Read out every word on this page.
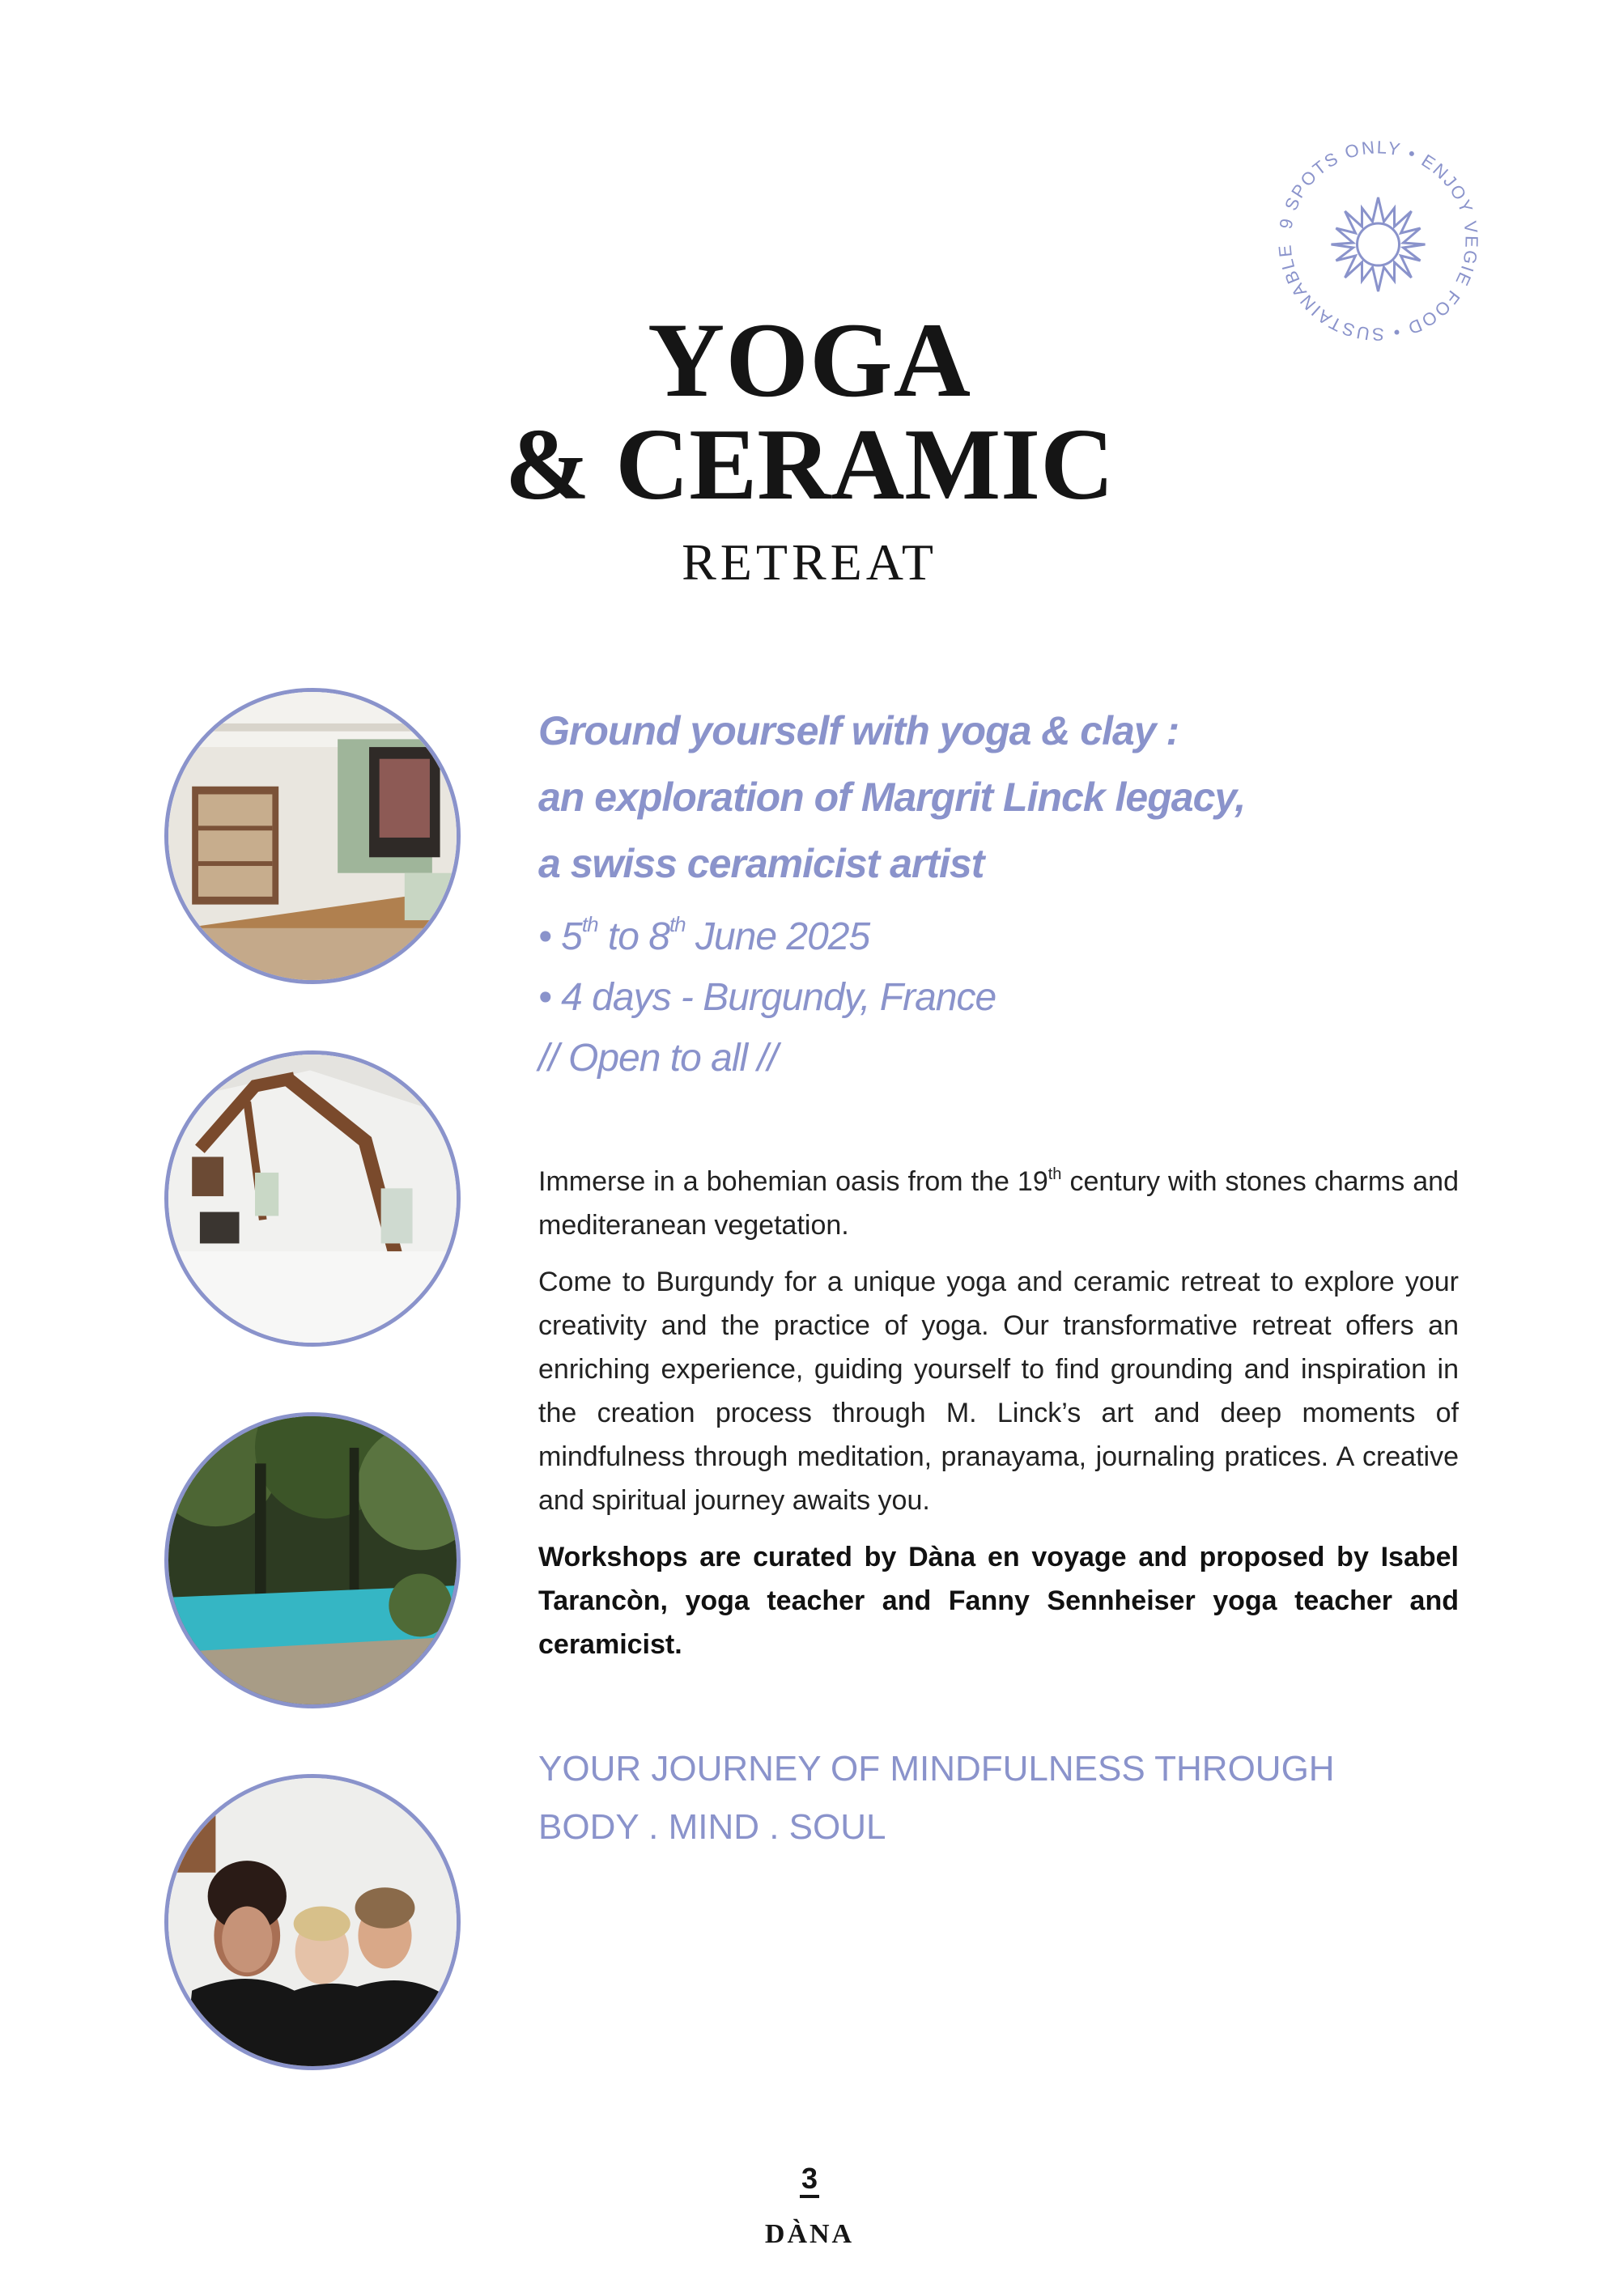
9 SPOTS ONLY • ENJOY VEGIE FOOD • SUSTAINABLE
YOGA
& CERAMIC
RETREAT
Ground yourself with yoga & clay :
an exploration of Margrit Linck legacy,
a swiss ceramicist artist
• 5th to 8th June 2025
• 4 days - Burgundy, France
// Open to all //

Immerse in a bohemian oasis from the 19th century with stones charms and mediteranean vegetation.

Come to Burgundy for a unique yoga and ceramic retreat to explore your creativity and the practice of yoga. Our transformative retreat offers an enriching experience, guiding yourself to find grounding and inspiration in the creation process through M. Linck’s art and deep moments of mindfulness through meditation, pranayama, journaling pratices. A creative and spiritual journey awaits you.

Workshops are curated by Dàna en voyage and proposed by Isabel Tarancòn, yoga teacher and Fanny Sennheiser yoga teacher and ceramicist.

YOUR JOURNEY OF MINDFULNESS THROUGH
BODY . MIND . SOUL
3
DÀNA
